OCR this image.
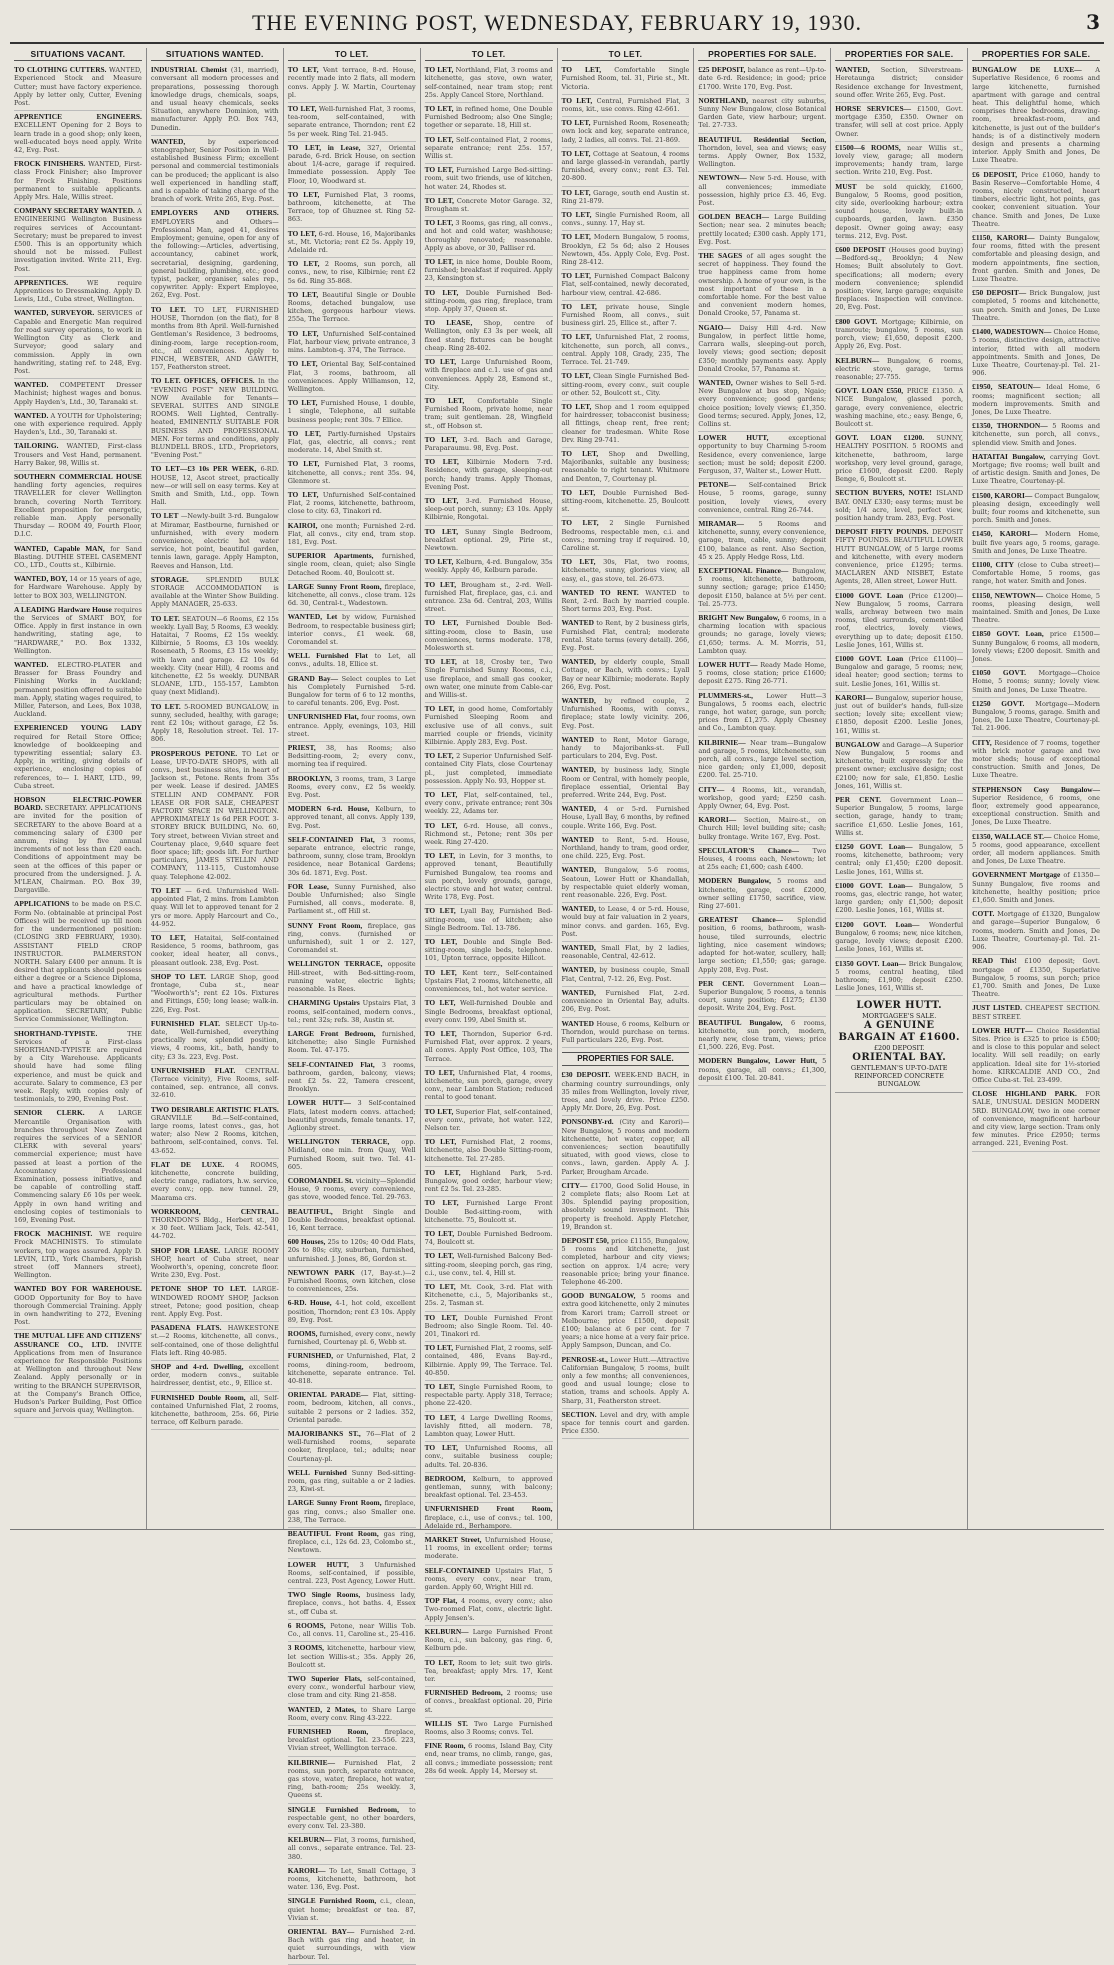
THE EVENING POST, WEDNESDAY, FEBRUARY 19, 1930.	3
SITUATIONS VACANT.
TO CLOTHING CUTTERS. WANTED, Experienced Stock and Measure Cutter; must have factory experience. Apply by letter only, Cutter, Evening Post.
APPRENTICE ENGINEERS. EXCELLENT Opening for 2 Boys to learn trade in a good shop; only keen, well-educated boys need apply. Write 42, Evg. Post.
FROCK FINISHERS. WANTED, First-class Frock Finisher; also Improver for Frock Finishing. Positions permanent to suitable applicants. Apply Mrs. Hale, Willis street.
COMPANY SECRETARY WANTED. A ENGINEERING Wellington Business requires services of Accountant-Secretary; must be prepared to invest £500. This is an opportunity which should not be missed. Fullest investigation invited. Write 211, Evg. Post.
APPRENTICES. WE require Apprentices to Dressmaking. Apply D. Lewis, Ltd., Cuba street, Wellington.
WANTED, SURVEYOR. SERVICES of Capable and Energetic Man required for road survey operations, to work in Wellington City as Clerk and Surveyor; good salary and commission. Apply in own handwriting, stating ref. to 248, Evg. Post.
WANTED. COMPETENT Dresser Machinist; highest wages and bonus. Apply Hayden's, Ltd., 30, Taranaki st.
WANTED. A YOUTH for Upholstering; one with experience required. Apply Hayden's, Ltd., 30, Taranaki st.
TAILORING. WANTED, First-class Trousers and Vest Hand, permanent. Harry Baker, 98, Willis st.
SOUTHERN COMMERCIAL HOUSE handling forty agencies, requires TRAVELLER for clever Wellington branch, covering North Territory. Excellent proposition for energetic, reliable man. Apply personally Thursday — ROOM 49, Fourth Floor, D.I.C.
WANTED, Capable MAN, for Sand Blasting. DUTHIE STEEL CASEMENT CO., LTD., Coutts st., Kilbirnie.
WANTED, BOY, 14 or 15 years of age, for Hardware Warehouse. Apply by letter to BOX 303, WELLINGTON.
A LEADING Hardware House requires the Services of SMART BOY, for Office. Apply in first instance in own handwriting, stating age, to "HARDWARE," P.O. Box 1332, Wellington.
WANTED. ELECTRO-PLATER and Brasser for Brass Foundry and Finishing Works in Auckland; permanent position offered to suitable man. Apply, stating wages required, to Miller, Paterson, and Lees, Box 1038, Auckland.
EXPERIENCED YOUNG LADY required for Retail Store Office; knowledge of bookkeeping and typewriting essential; salary £3. Apply, in writing, giving details of experience, enclosing copies of references, to— I. HART, LTD., 99, Cuba street.
HOBSON ELECTRIC-POWER BOARD. SECRETARY. APPLICATIONS are invited for the position of SECRETARY to the above Board at a commencing salary of £300 per annum, rising by five annual increments of not less than £20 each. Conditions of appointment may be seen at the offices of this paper or procured from the undersigned. J. A. M'LEAN, Chairman. P.O. Box 39, Dargaville.
APPLICATIONS to be made on P.S.C. Form No. (obtainable at principal Post Offices) will be received up till noon for the undermentioned position: (CLOSING 3RD FEBRUARY, 1930). ASSISTANT FIELD CROP INSTRUCTOR. PALMERSTON NORTH. Salary £400 per annum. It is desired that applicants should possess either a degree or a Science Diploma, and have a practical knowledge of agricultural methods. Further particulars may be obtained on application. SECRETARY, Public Service Commissioner, Wellington.
SHORTHAND-TYPISTE. THE Services of a First-class SHORTHAND-TYPISTE are required by a City Warehouse. Applicants should have had some filing experience, and must be quick and accurate. Salary to commence, £3 per week. Reply, with copies only of testimonials, to 290, Evening Post.
SENIOR CLERK. A LARGE Mercantile Organisation with branches throughout New Zealand requires the services of a SENIOR CLERK with several years' commercial experience; must have passed at least a portion of the Accountancy Professional Examination, possess initiative, and be capable of controlling staff. Commencing salary £6 10s per week. Apply in own hand writing and enclosing copies of testimonials to 169, Evening Post.
FROCK MACHINIST. WE require Frock MACHINISTS. To stimulate workers, top wages assured. Apply D. LEVIN, LTD., York Chambers, Farish street (off Manners street), Wellington.
WANTED BOY FOR WAREHOUSE. GOOD Opportunity for Boy to have thorough Commercial Training. Apply in own handwriting to 272, Evening Post.
THE MUTUAL LIFE AND CITIZENS' ASSURANCE CO., LTD. INVITE Applications from men of Insurance experience for Responsible Positions at Wellington and throughout New Zealand. Apply personally or in writing to the BRANCH SUPERVISOR, at the Company's Branch Office, Hudson's Parker Building, Post Office square and Jervois quay, Wellington.
SITUATIONS WANTED.
INDUSTRIAL Chemist (31, married), conversant all modern processes and preparations, possessing thorough knowledge drugs, chemicals, soaps, and usual heavy chemicals, seeks Situation, anywhere Dominion, with manufacturer. Apply P.O. Box 743, Dunedin.
WANTED, by experienced stenographer, Senior Position in Well-established Business Firm; excellent personal and commercial testimonials can be produced; the applicant is also well experienced in handling staff, and is capable of taking charge of the branch of work. Write 265, Evg. Post.
EMPLOYERS AND OTHERS. EMPLOYERS and Others—Professional Man, aged 41, desires Employment; genuine, open for any of the following:—Articles, advertising, accountancy, cabinet work, secretarial, designing, gardening, general building, plumbing, etc.; good typist, packer, organiser, sales rep., copywriter. Apply: Expert Employee, 262, Evg. Post.
TO LET. TO LET, FURNISHED HOUSE, Thorndon (on the flat), for 8 months from 8th April. Well-furnished Gentleman's Residence, 3 bedrooms, dining-room, large reception-room, etc., all conveniences. Apply to FINCH, WEBSTER, AND GAWITH, 157, Featherston street.
TO LET. OFFICES, OFFICES. In the "EVENING POST" NEW BUILDING. NOW Available for Tenants— SEVERAL SUITES AND SINGLE ROOMS. Well Lighted, Centrally-heated, EMINENTLY SUITABLE FOR BUSINESS AND PROFESSIONAL MEN. For terms and conditions, apply BLUNDELL BROS., LTD., Proprietors, "Evening Post."
TO LET—£3 10s PER WEEK, 6-RD. HOUSE, 12, Ascot street, practically new—or will sell on easy terms. Key at Smith and Smith, Ltd., opp. Town Hall.
TO LET —Newly-built 3-rd. Bungalow at Miramar, Eastbourne, furnished or unfurnished, with every modern convenience, electric hot water service, hot point, beautiful garden, tennis lawn, garage. Apply Hampton, Reeves and Hanson, Ltd.
STORAGE. SPLENDID BULK STORAGE ACCOMMODATION is available at the Winter Show Building. Apply MANAGER, 25-633.
TO LET. SEATOUN—6 Rooms, £2 15s weekly. Lyall Bay, 5 Rooms, £3 weekly. Hataitai, 7 Rooms, £2 15s weekly. Kilbirnie, 5 Rooms, £3 10s weekly. Roseneath, 5 Rooms, £3 15s weekly; with lawn and garage. £2 10s 6d weekly. City (near Hill), 4 rooms and kitchenette, £2 5s weekly. DUNBAR SLOANE, LTD., 155-157, Lambton quay (next Midland).
TO LET. 5-ROOMED BUNGALOW, in sunny, secluded, healthy, with garage; rent £2 10s; without garage, £2 5s. Apply 18, Resolution street. Tel. 17-806.
PROSPEROUS PETONE. TO Let or Lease, UP-TO-DATE SHOPS, with all convs., best business sites, in heart of Jackson st., Petone. Rents from 35s per week. Lease if desired. JAMES STELLIN AND COMPANY. FOR LEASE OR FOR SALE, CHEAPEST FACTORY SPACE IN WELLINGTON. APPROXIMATELY 1s 6d PER FOOT. 3-STOREY BRICK BUILDING, No. 60, Tory street, between Vivian street and Courtenay place, 9,640 square feet floor space; lift; goods lift. For further particulars, JAMES STELLIN AND COMPANY, 113-115, Customhouse quay. Telephone 42-002.
TO LET — 6-rd. Unfurnished Well-appointed Flat, 2 mins. from Lambton quay. Will let to approved tenant for 2 yrs or more. Apply Harcourt and Co., 44-952.
TO LET, Hataitai, Self-contained Residence, 5 rooms, bathroom, gas cooker, ideal heater, all convs., pleasant outlook. 238, Evg. Post.
SHOP TO LET. LARGE Shop, good frontage, Cuba st., near "Woolworth's"; rent £2 10s. Fixtures and Fittings, £50; long lease; walk-in. 226, Evg. Post.
FURNISHED FLAT. SELECT Up-to-date, Well-furnished, everything practically new, splendid position, views, 4 rooms, kit., bath, handy to city; £3 3s. 223, Evg. Post.
UNFURNISHED FLAT. CENTRAL (Terrace vicinity), Five Rooms, self-contained, sep. entrance, all convs. 32-610.
TWO DESIRABLE ARTISTIC FLATS. GRANVILLE Bd.—Self-contained, large rooms, latest convs., gas, hot water; also New 2 Rooms, kitchen, bathroom, self-contained, convs. Tel. 43-652.
FLAT DE LUXE. 4 ROOMS, kitchenette, concrete building, electric range, radiators, h.w. service, every conv.; opp. new tunnel. 29, Maarama crs.
WORKROOM, CENTRAL. THORNDON'S Bldg., Herbert st., 30 × 30 feet. William Jack, Tels. 42-541, 44-702.
SHOP FOR LEASE. LARGE ROOMY SHOP, heart of Cuba street, near Woolworth's, opening, concrete floor. Write 230, Evg. Post.
PETONE SHOP TO LET. LARGE-WINDOWED ROOMY SHOP, Jackson street, Petone; good position, cheap rent. Apply Evg. Post.
PASADENA FLATS. HAWKESTONE st.—2 Rooms, kitchenette, all convs., self-contained, one of those delightful Flats left. Ring 40-985.
SHOP and 4-rd. Dwelling, excellent order, modern convs., suitable hairdresser, dentist, etc., 9, Ellice st.
FURNISHED Double Room, all, Self-contained Unfurnished Flat, 2 rooms, kitchenette, bathroom, 25s. 66, Pirie terrace, off Kelburn parade.
TO LET.
TO LET, Vent terrace, 8-rd. House, recently made into 2 flats, all modern convs. Apply J. W. Martin, Courtenay pl.
TO LET, Well-furnished Flat, 3 rooms, tea-room, self-contained, with separate entrance, Thorndon; rent £2 5s per week. Ring Tel. 21-945.
TO LET, in Lease, 327, Oriental parade, 6-rd. Brick House, on section about 1/4-acre, garage if required. Immediate possession. Apply Tee Floor, 10, Woodward st.
TO LET, Furnished Flat, 3 rooms, bathroom, kitchenette, at The Terrace, top of Ghuznee st. Ring 52-863.
TO LET, 6-rd. House, 16, Majoribanks st., Mt. Victoria; rent £2 5s. Apply 19, Adelaide rd.
TO LET, 2 Rooms, sun porch, all convs., new, to rise, Kilbirnie; rent £2 5s 6d. Ring 35-868.
TO LET, Beautiful Single or Double Rooms, detached bungalow, use kitchen, gorgeous harbour views. 255a, The Terrace.
TO LET, Unfurnished Self-contained Flat, harbour view, private entrance, 3 mins. Lambton-q. 374, The Terrace.
TO LET, Oriental Bay, Self-contained Flat, 3 rooms, bathroom, all conveniences. Apply Williamson, 12, Wellington.
TO LET, Furnished House, 1 double, 1 single, Telephone, all suitable business people; rent 30s. 7 Ellice.
TO LET, Partly-furnished Upstairs Flat, gas, electric, all convs.; rent moderate. 14, Abel Smith st.
TO LET, Furnished Flat, 3 rooms, kitchenette, all convs.; rent 35s. 94, Glenmore st.
TO LET, Unfurnished Self-contained Flat, 2 rooms, kitchenette, bathroom, close to city. 63, Tinakori rd.
KAIROI, one month; Furnished 2-rd. Flat, all convs., city end, tram stop. 181, Evg. Post.
SUPERIOR Apartments, furnished, single room, clean, quiet; also Single Detached Room. 40, Boulcott st.
LARGE Sunny Front Room, fireplace, kitchenette, all convs., close tram. 12s 6d. 30, Central-t., Wadestown.
WANTED, Let by widow, Furnished Bedroom, to respectable business girl; interior convs., £1 week. 68, Coromandel st.
WELL Furnished Flat to Let, all convs., adults. 18, Ellice st.
GRAND Bay— Select couples to Let his Completely Furnished 5-rd. Bungalow for term of 6 to 12 months, to careful tenants. 206, Evg. Post.
UNFURNISHED Flat, four rooms, own entrance. Apply, evenings, 103, Hill street.
PRIEST, 38, has Rooms; also Bedsitting-room, 2; every conv., morning tea if required.
BROOKLYN, 3 rooms, tram, 3 Large Rooms, every conv., £2 5s weekly. Evg. Post.
MODERN 6-rd. House, Kelburn, to approved tenant, all convs. Apply 139, Evg. Post.
SELF-CONTAINED Flat, 3 rooms, separate entrance, electric range, bathroom, sunny, close tram, Brooklyn residence, near Botanical Gardens; 30s 6d. 1871, Evg. Post.
FOR Lease, Sunny Furnished, also Double Unfurnished; also Single Furnished, all convs., moderate. 8, Parliament st., off Hill st.
SUNNY Front Room, fireplace, gas ring, convs. (furnished or unfurnished), suit 1 or 2. 127, Coromandel st.
WELLINGTON TERRACE, opposite Hill-street, with Bed-sitting-room, running water, electric lights; reasonable. 1s Rees.
CHARMING Upstairs Upstairs Flat, 3 rooms, self-contained, modern convs., tel.; rent 32s; refs. 38, Austin st.
LARGE Front Bedroom, furnished, kitchenette; also Single Furnished Room. Tel. 47-175.
SELF-CONTAINED Flat, 3 rooms, bathroom, garden, balcony, views; rent £2 5s. 22, Tamera crescent, Brooklyn.
LOWER HUTT— 3 Self-contained Flats, latest modern convs. attached; beautiful grounds, female tenants. 17, Aglionby street.
WELLINGTON TERRACE, opp. Midland, one min. from Quay, Well Furnished Room, suit two. Tel. 41-605.
COROMANDEL St. vicinity—Splendid House, 9 rooms, every convenience, gas stove, wooded fence. Tel. 29-763.
BEAUTIFUL, Bright Single and Double Bedrooms, breakfast optional. 16, Kent terrace.
600 Houses, 25s to 120s; 40 Odd Flats, 20s to 80s; city, suburban, furnished, unfurnished. J. Jones, 86, Gordon st.
NEWTOWN PARK (17, Bay-st.)—2 Furnished Rooms, own kitchen, close to conveniences, 25s.
6-RD. House, 4-1, hot cold, excellent position, Thorndon; rent £3 10s. Apply 89, Evg. Post.
ROOMS, furnished, every conv., newly furnished, Courtenay pl. 6, Webb st.
FURNISHED, or Unfurnished, Flat, 2 rooms, dining-room, bedroom, kitchenette, separate entrance. Tel. 40-818.
ORIENTAL PARADE— Flat, sitting-room, bedroom, kitchen, all convs., suitable 2 persons or 2 ladies. 352, Oriental parade.
MAJORIBANKS ST., 76—Flat of 2 well-furnished rooms, separate cooker, fireplace, tel.; adults; near Courtenay-pl.
WELL Furnished Sunny Bed-sitting-room, gas ring, suitable a or 2 ladies. 23, Kiwi-st.
LARGE Sunny Front Room, fireplace, gas ring, convs.; also Smaller one. 238, The Terrace.
BEAUTIFUL Front Room, gas ring, fireplace, c.i., 12s 6d. 23, Colombo st., Newtown.
LOWER HUTT, 3 Unfurnished Rooms, self-contained, if possible, central. 223, Post Agency, Lower Hutt.
TWO Single Rooms, business lady, fireplace, convs., hot baths. 4, Essex st., off Cuba st.
6 ROOMS, Petone, near Willis Tob. Co., all convs. 11, Caroline st., 25-416.
3 ROOMS, kitchenette, harbour view, let section Willis-st.; 35s. Apply 26, Boulcott st.
TWO Superior Flats, self-contained, every conv., wonderful harbour view, close tram and city. Ring 21-858.
WANTED, 2 Mates, to Share Large Room, every conv. Ring 43-222.
FURNISHED Room, fireplace, breakfast optional. Tel. 23-556. 223, Vivian street, Wellington terrace.
KILBIRNIE— Furnished Flat, 2 rooms, sun porch, separate entrance, gas stove, water, fireplace, hot water, ring, bath-room; 25s weekly. 3, Queens st.
SINGLE Furnished Bedroom, to respectable gent, no other boarders, every conv. Tel. 23-380.
KELBURN— Flat, 3 rooms, furnished, all convs., separate entrance. Tel. 23-380.
KARORI— To Let, Small Cottage, 3 rooms, kitchenette, bathroom, hot water. 136, Evg. Post.
SINGLE Furnished Room, c.i., clean, quiet home; breakfast or tea. 87, Vivian st.
ORIENTAL BAY— Furnished 2-rd. Bach with gas ring and heater, in quiet surroundings, with view harbour. Tel.
TO LET.
TO LET, Northland, Flat, 3 rooms and kitchenette, gas stove, own water, self-contained, near tram stop; rent 25s. Apply Cancel Store, Northland.
TO LET, in refined home, One Double Furnished Bedroom; also One Single; together or separate. 18, Hill st.
TO LET, Self-contained Flat, 2 rooms, separate entrance; rent 25s. 157, Willis st.
TO LET, Furnished Large Bed-sitting-room, suit two friends, use of kitchen, hot water. 24, Rhodes st.
TO LET, Concrete Motor Garage. 32, Brougham st.
TO LET, 3 Rooms, gas ring, all convs., and hot and cold water, washhouse; thoroughly renovated; reasonable. Apply as above, or 30, Palliser rd.
TO LET, in nice home, Double Room, furnished; breakfast if required. Apply 23, Kensington st.
TO LET, Double Furnished Bed-sitting-room, gas ring, fireplace, tram stop. Apply 37, Queen st.
TO LEASE, Shop, centre of Wellington, only £3 3s per week, all fixed stand; fixtures can be bought cheap. Ring 28-402.
TO LET, Large Unfurnished Room, with fireplace and c.1. use of gas and conveniences. Apply 28, Esmond st., City.
TO LET, Comfortable Single Furnished Room, private home, near tram; suit gentleman. 28, Wingfield st., off Hobson st.
TO LET, 3-rd. Bach and Garage, Paraparaumu. 98, Evg. Post.
TO LET, Kilbirnie Modern 7-rd. Residence, with garage, sleeping-out porch; handy trams. Apply Thomas, Evening Post.
TO LET, 3-rd. Furnished House, sleep-out porch, sunny; £3 10s. Apply Kilbirnie, Rongotai.
TO LET, Sunny Single Bedroom, breakfast optional. 29, Pirie st., Newtown.
TO LET, Kelburn, 4-rd. Bungalow, 35s weekly. Apply 46, Kelburn parade.
TO LET, Brougham st., 2-rd. Well-furnished Flat, fireplace, gas, c.i. and entrance. 23a 6d. Central, 203, Willis street.
TO LET, Furnished Double Bed-sitting-room, close to Basin, use conveniences, terms moderate. 178, Molesworth st.
TO LET, at 18, Crosby ter., Two Single Furnished Sunny Rooms, c.i., use fireplace, and small gas cooker, own water, one minute from Cable-car and Willis-st.
TO LET, in good home, Comfortably Furnished Sleeping Room and exclusive use of all convs., suit married couple or friends, vicinity Kilbirnie. Apply 283, Evg. Post.
TO LET, 2 Superior Unfurnished Self-contained City Flats, close Courtenay pl., just completed, immediate possession. Apply No. 93, Hopper st.
TO LET, Flat, self-contained, tel., every conv., private entrance; rent 30s weekly. 22, Adams ter.
TO LET, 6-rd. House, all convs., Richmond st., Petone; rent 30s per week. Ring 27-420.
TO LET, in Levin, for 3 months, to approved tenant, Beautifully Furnished Bungalow, tea rooms and sun porch, lovely grounds, garage, electric stove and hot water, central. Write 178, Evg. Post.
TO LET, Lyall Bay, Furnished Bed-sitting-room, use of kitchen; also Single Bedroom. Tel. 13-786.
TO LET, Double and Single Bed-sitting-room, single beds, telephone. 101, Upton terrace, opposite Hillcot.
TO LET, Kent terr., Self-contained Upstairs Flat, 2 rooms, kitchenette, all conveniences, tel., hot water service.
TO LET, Well-furnished Double and Single Bedrooms, breakfast optional, every conv. 199, Abel Smith st.
TO LET, Thorndon, Superior 6-rd. Furnished Flat, over approx. 2 years, all convs. Apply Post Office, 103, The Terrace.
TO LET, Unfurnished Flat, 4 rooms, kitchenette, sun porch, garage, every conv., near Lambton Station; reduced rental to good tenant.
TO LET, Superior Flat, self-contained, every conv., private, hot water. 122, Nelson ter.
TO LET, Furnished Flat, 2 rooms, kitchenette, also Double Sitting-room, kitchenette. Tel. 27-285.
TO LET, Highland Park, 5-rd. Bungalow, good order, harbour view; rent £2 5s. Tel. 23-285.
TO LET, Furnished Large Front Double Bed-sitting-room, with kitchenette. 75, Boulcott st.
TO LET, Double Furnished Bedroom. 74, Boulcott st.
TO LET, Well-furnished Balcony Bed-sitting-room, sleeping porch, gas ring, c.i., use conv., tel. 4, Hill st.
TO LET, Mt. Cook, 3-rd. Flat with Kitchenette, c.i., 5, Majoribanks st., 25s. 2, Tasman st.
TO LET, Double Furnished Front Bedroom; also Single Room. Tel. 40-201, Tinakori rd.
TO LET, Furnished Flat, 2 rooms, self-contained, 486, Evans Bay-rd., Kilbirnie. Apply 99, The Terrace. Tel. 40-850.
TO LET, Single Furnished Room, to respectable party. Apply 318, Terrace; phone 22-420.
TO LET, 4 Large Dwelling Rooms, lavishly fitted, all modern. 78, Lambton quay, Lower Hutt.
TO LET, Unfurnished Rooms, all conv., suitable business couple; adults. Tel. 20-836.
BEDROOM, Kelburn, to approved gentleman, sunny, with balcony; breakfast optional. Tel. 23-453.
UNFURNISHED Front Room, fireplace, c.i., use of convs.; tel. 100, Adelaide rd., Berhampore.
MARKET Street, Unfurnished House, 11 rooms, in excellent order; terms moderate.
SELF-CONTAINED Upstairs Flat, 5 rooms, every conv., near tram, garden. Apply 60, Wright Hill rd.
TOP Flat, 4 rooms, every conv.; also Two-roomed Flat, conv., electric light. Apply Jensen's.
KELBURN— Large Furnished Front Room, c.i., sun balcony, gas ring. 6, Kelburn pde.
TO LET, Room to let; suit two girls. Tea, breakfast; apply Mrs. 17, Kent ter.
FURNISHED Bedroom, 2 rooms; use of convs., breakfast optional. 20, Pirie st.
WILLIS ST. Two Large Furnished Rooms, also 3 Rooms; convs. Tel.
FINE Room, 6 rooms, Island Bay, City end, near trams, no climb, range, gas, all convs.; immediate possession; rent 28s 6d week. Apply 14, Mersey st.
TO LET.
TO LET, Comfortable Single Furnished Room, tel. 31, Pirie st., Mt. Victoria.
TO LET, Central, Furnished Flat, 3 rooms, kit., use convs. Ring 42-661.
TO LET, Furnished Room, Roseneath; own lock and key, separate entrance, lady, 2 ladies, all convs. Tel. 21-869.
TO LET, Cottage at Seatoun, 4 rooms and large glassed-in verandah, partly furnished, every conv.; rent £3. Tel. 20-800.
TO LET, Garage, south end Austin st. Ring 21-879.
TO LET, Single Furnished Room, all convs., sunny. 17, Hay st.
TO LET, Modern Bungalow, 5 rooms, Brooklyn, £2 5s 6d; also 2 Houses Newtown, 45s. Apply Cole, Evg. Post. Ring 28-412.
TO LET, Furnished Compact Balcony Flat, self-contained, newly decorated, harbour view, central. 42-686.
TO LET, private house, Single Furnished Room, all convs., suit business girl. 25, Ellice st., after 7.
TO LET, Unfurnished Flat, 2 rooms, kitchenette, sun porch, all convs., central. Apply 108, Grady, 235, The Terrace. Tel. 21-749.
TO LET, Clean Single Furnished Bed-sitting-room, every conv., suit couple or other. 52, Boulcott st., City.
TO LET, Shop and 1 room equipped for hairdresser, tobacconist business; all fittings, cheap rent, free rent; cleaner for tradesman. White Rose Drv. Ring 29-741.
TO LET, Shop and Dwelling, Majoribanks, suitable any business; reasonable to right tenant. Whitmore and Denton, 7, Courtenay pl.
TO LET, Double Furnished Bed-sitting-room, kitchenette. 25, Boulcott st.
TO LET, 2 Single Furnished Bedrooms, respectable men, c.i. and convs.; morning tray if required. 10, Caroline st.
TO LET, 30s, Flat, two rooms, kitchenette, sunny, glorious view, all easy, el., gas stove, tel. 26-673.
WANTED TO RENT. WANTED to Rent, 2-rd. Bach by married couple. Short terms 203, Evg. Post.
WANTED to Rent, by 2 business girls, Furnished Flat, central; moderate rental. State terms (every detail). 266, Evg. Post.
WANTED, by elderly couple, Small Cottage, or Bach, with convs.; Lyall Bay or near Kilbirnie; moderate. Reply 266, Evg. Post.
WANTED, by refined couple, 2 Unfurnished Rooms, with convs., fireplace; state lowly vicinity. 206, Evg. Post.
WANTED to Rent, Motor Garage, handy to Majoribanks-st. Full particulars to 204, Evg. Post.
WANTED, by business lady, Single Room or Central, with homely people, fireplace essential, Oriental Bay preferred. Write 244, Evg. Post.
WANTED, 4 or 5-rd. Furnished House, Lyall Bay, 6 months, by refined couple. Write 166, Evg. Post.
WANTED to Rent, 5-rd. House, Northland, handy to tram, good order, one child. 225, Evg. Post.
WANTED, Bungalow, 5-6 rooms, Seatoun, Lower Hutt or Khandallah, by respectable quiet elderly woman, rent reasonable. 226, Evg. Post.
WANTED, to Lease, 4 or 5-rd. House, would buy at fair valuation in 2 years, minor convs. and garden. 165, Evg. Post.
WANTED, Small Flat, by 2 ladies, reasonable, Central, 42-612.
WANTED, by business couple, Small Flat, Central, 7-12. 26, Evg. Post.
WANTED, Furnished Flat, 2-rd. convenience in Oriental Bay, adults. 206, Evg. Post.
WANTED House, 6 rooms, Kelburn or Thorndon, would purchase on terms. Full particulars 226, Evg. Post.
PROPERTIES FOR SALE.
£30 DEPOSIT. WEEK-END BACH, in charming country surroundings, only 35 miles from Wellington, lovely river, trees, and lovely drive. Price £250. Apply Mr. Dore, 26, Evg. Post.
PONSONBY-rd. (City and Karori)—New Bungalow, 5 rooms and modern kitchenette, hot water, copper, all conveniences; section beautifully situated, with good views, close to convs., lawn, garden. Apply A. J. Parker, Brougham Arcade.
CITY— £1700, Good Solid House, in 2 complete flats; also Room Let at 30s. Splendid paying proposition, absolutely sound investment. This property is freehold. Apply Fletcher, 19, Brandon st.
DEPOSIT £50, price £1155, Bungalow, 5 rooms and kitchenette, just completed, harbour and city views; section on approx. 1/4 acre; very reasonable price; bring your finance. Telephone 46-200.
GOOD BUNGALOW, 5 rooms and extra good kitchenette, only 2 minutes from Karori tram; Carroll street or Melbourne; price £1500, deposit £100; balance at 6 per cent. for 7 years; a nice home at a very fair price. Apply Sampson, Duncan, and Co.
PENROSE-st., Lower Hutt.—Attractive Californian Bungalow, 5 rooms, built only a few months; all conveniences, good and usual lounge; close to station, trams and schools. Apply A. Sharp, 31, Featherston street.
SECTION. Level and dry, with ample space for tennis court and garden. Price £350.
PROPERTIES FOR SALE.
£25 DEPOSIT, balance as rent—Up-to-date 6-rd. Residence; in good; price £1700. Write 170, Evg. Post.
NORTHLAND, nearest city suburbs, Sunny New Bungalow, close Botanical Garden Gate, view harbour; urgent. Tel. 27-733.
BEAUTIFUL Residential Section, Thorndon, level, sea and views; easy terms. Apply Owner, Box 1532, Wellington.
NEWTOWN— New 5-rd. House, with all conveniences; immediate possession, highly price £3. 46, Evg. Post.
GOLDEN BEACH— Large Building Section; near sea. 2 minutes beach; prettily located; £300 cash. Apply 171, Evg. Post.
THE SAGES of all ages sought the secret of happiness. They found the true happiness came from home ownership. A home of your own, is the most important of these in a comfortable home. For the best value and convenient modern homes, Donald Crooke, 57, Panama st.
NGAIO— Daisy Hill 4-rd. New Bungalow, in perfect little home, Carrara walls, sleeping-out porch, lovely views; good section; deposit £350; monthly payments easy. Apply Donald Crooke, 57, Panama st.
WANTED, Owner wishes to Sell 5-rd. New Bungalow at bus stop, Ngaio; every convenience; good gardens; choice position; lovely views; £1,350. Good terms; secured. Apply, Jones, 12, Collins st.
LOWER HUTT, exceptional opportunity to buy Charming 5-room Residence, every convenience, large section; must be sold; deposit £200. Ferguson, 37, Walter st., Lower Hutt.
PETONE— Self-contained Brick House, 5 rooms, garage, sunny position, lovely views, every convenience, central. Ring 26-744.
MIRAMAR— 5 Rooms and kitchenette, sunny, every convenience, garage, tram, cable, sunny; deposit £100, balance as rent. Also Section, 45 x 25. Apply Hedge Ross, Ltd.
EXCEPTIONAL Finance— Bungalow, 5 rooms, kitchenette, bathroom, sunny section; garage; price £1450; deposit £150, balance at 5½ per cent. Tel. 25-773.
BRIGHT New Bungalow, 6 rooms, in a charming location with spacious grounds; no garage, lovely views; £1,650; terms. A. M. Morris, 51, Lambton quay.
LOWER HUTT— Ready Made Home, 5 rooms, close station; price £1600; deposit £275. Ring 26-771.
PLUMMERS-st., Lower Hutt—3 Bungalows, 5 rooms each, electric range, hot water, garage, sun porch; prices from £1,275. Apply Chesney and Co., Lambton quay.
KILBIRNIE— Near tram—Bungalow and garage, 5 rooms, kitchenette, sun porch, all convs., large level section, nice garden; only £1,000, deposit £200. Tel. 25-710.
CITY— 4 Rooms, kit., verandah, workshop, good yard; £250 cash. Apply Owner, 64, Evg. Post.
KARORI— Section, Maire-st., on Church Hill; level building site; cash; bulky frontage. Write 167, Evg. Post.
SPECULATOR'S Chance— Two Houses, 4 rooms each, Newtown; let at 25s each; £1,600; cash £400.
MODERN Bungalow, 5 rooms and kitchenette, garage, cost £2000, owner selling £1750, sacrifice, view. Ring 27-601.
GREATEST Chance— Splendid position, 6 rooms, bathroom, wash-house, tiled surrounds, electric lighting, nice casement windows; adapted for hot-water, scullery, hall; large section; £1,550; gas; garage. Apply 208, Evg. Post.
PER CENT. Government Loan—Superior Bungalow, 5 rooms, a tennis court, sunny position; £1275; £130 deposit. Write 204, Evg. Post.
BEAUTIFUL Bungalow, 6 rooms, kitchenette, sun porch, modern, nearly new, close tram, views; price £1,500. 226, Evg. Post.
MODERN Bungalow, Lower Hutt, 5 rooms, garage, all convs.; £1,300, deposit £100. Tel. 20-841.
PROPERTIES FOR SALE.
WANTED, Section, Silverstream-Heretaunga district; consider Residence exchange for Investment, sound offer. Write 265, Evg. Post.
HORSE SERVICES— £1500, Govt. mortgage £350, £350. Owner on transfer, will sell at cost price. Apply Owner.
£1500—6 ROOMS, near Willis st., lovely view, garage; all modern improvements; handy tram, large section. Write 210, Evg. Post.
MUST be sold quickly, £1600, Bungalow, 5 Rooms, good position, city side, overlooking harbour; extra sound house, lovely built-in cupboards, garden, lawn. £350 deposit. Owner going away; easy terms. 212, Evg. Post.
£600 DEPOSIT (Houses good buying)—Bedford-sq., Brooklyn; 4 New Homes; Built absolutely to Govt. specifications; all modern; every modern convenience; splendid position; view, large garage; exquisite fireplaces. Inspection will convince. 20, Evg. Post.
£800 GOVT. Mortgage; Kilbirnie, on tramroute; bungalow, 5 rooms, sun porch, view; £1,650, deposit £200. Apply 26, Evg. Post.
KELBURN— Bungalow, 6 rooms, electric stove, garage, terms reasonable; 27-755.
GOVT. LOAN £550, PRICE £1350. A NICE Bungalow, glassed porch, garage, every convenience, electric washing machine, etc.; easy. Benge, 6, Boulcott st.
GOVT. LOAN £1200. SUNNY, HEALTHY POSITION. 5 ROOMS and kitchenette, bathroom, large workshop, very level ground, garage, price £1600, deposit £200. Reply Benge, 6, Boulcott st.
SECTION BUYERS, NOTE! ISLAND BAY. ONLY £330; easy terms; must be sold; 1/4 acre, level, perfect view, position handy tram. 283, Evg. Post.
DEPOSIT FIFTY POUNDS. DEPOSIT FIFTY POUNDS. BEAUTIFUL LOWER HUTT BUNGALOW, of 5 large rooms and kitchenette, with every modern convenience, price £1295; terms. MACLAREN AND NISBET, Estate Agents, 28, Allen street, Lower Hutt.
£1000 GOVT. Loan (Price £1200)—New Bungalow, 5 rooms, Carrara walls, archway between two main rooms, tiled surrounds, cement-tiled roof, electrics, lovely views, everything up to date; deposit £150. Leslie Jones, 161, Willis st.
£1000 GOVT. Loan (Price £1100)—Bungalow and garage, 5 rooms; new, ideal heater; good section; terms to suit. Leslie Jones, 161, Willis st.
KARORI— Bungalow, superior house, just out of builder's hands, full-size section; lovely site; excellent view; £1850, deposit £200. Leslie Jones, 161, Willis st.
BUNGALOW and Garage—A Superior New Bungalow, 5 rooms and kitchenette, built expressly for the present owner; exclusive design; cost £2100; now for sale, £1,850. Leslie Jones, 161, Willis st.
PER CENT. Government Loan—Superior Bungalow, 5 rooms, large section, garage, handy to tram; sacrifice £1,650. Leslie Jones, 161, Willis st.
£1250 GOVT. Loan— Bungalow, 5 rooms, kitchenette, bathroom; very central; only £1,450; £200 deposit. Leslie Jones, 161, Willis st.
£1000 GOVT. Loan— Bungalow, 5 rooms, gas, electric range, hot water, large garden; only £1,500; deposit £200. Leslie Jones, 161, Willis st.
£1200 GOVT. Loan— Wonderful Bungalow, 6 rooms; new, nice kitchen, garage, lovely views; deposit £200. Leslie Jones, 161, Willis st.
£1350 GOVT. Loan— Brick Bungalow, 5 rooms, central heating, tiled bathroom; £1,900; deposit £250. Leslie Jones, 161, Willis st.
LOWER HUTT.
MORTGAGEE'S SALE.
A GENUINE BARGAIN AT £1600.
£200 DEPOSIT.
ORIENTAL BAY.
GENTLEMAN'S UP-TO-DATE REINFORCED CONCRETE BUNGALOW.
PROPERTIES FOR SALE.
BUNGALOW DE LUXE— A Superlative Residence, 6 rooms and large kitchenette, furnished apartment with garage and central heat. This delightful home, which comprises three bedrooms, drawing-room, breakfast-room, and kitchenette, is just out of the builder's hands; is of a distinctively modern design and presents a charming interior. Apply Smith and Jones, De Luxe Theatre.
£6 DEPOSIT, Price £1060, handy to Basin Reserve—Comfortable Home, 4 rooms, nicely constructed, heart timbers, electric light, hot points, gas cooker, convenient situation. Your chance. Smith and Jones, De Luxe Theatre.
£1150, KARORI— Dainty Bungalow, four rooms, fitted with the present comfortable and pleasing design, and modern appointments, fine section, front garden. Smith and Jones, De Luxe Theatre.
£50 DEPOSIT— Brick Bungalow, just completed, 5 rooms and kitchenette, sun porch. Smith and Jones, De Luxe Theatre.
£1400, WADESTOWN— Choice Home, 5 rooms, distinctive design, attractive interior, fitted with all modern appointments. Smith and Jones, De Luxe Theatre, Courtenay-pl. Tel. 21-906.
£1950, SEATOUN— Ideal Home, 6 rooms; magnificent section; all modern improvements. Smith and Jones, De Luxe Theatre.
£1350, THORNDON— 5 Rooms and kitchenette, sun porch, all convs., splendid view. Smith and Jones.
HATAITAI Bungalow, carrying Govt. Mortgage; five rooms; well built and of artistic design. Smith and Jones, De Luxe Theatre, Courtenay-pl.
£1500, KARORI— Compact Bungalow, pleasing design, exceedingly well built; four rooms and kitchenette, sun porch. Smith and Jones.
£1450, KARORI— Modern Home, built five years ago, 5 rooms, garage. Smith and Jones, De Luxe Theatre.
£1100, CITY (close to Cuba street)—Comfortable Home, 5 rooms, gas range, hot water. Smith and Jones.
£1150, NEWTOWN— Choice Home, 5 rooms, pleasing design, well maintained. Smith and Jones, De Luxe Theatre.
£1850 GOVT. Loan, price £1500—Sunny Bungalow, 6 rooms, all modern, lovely views; £200 deposit. Smith and Jones.
£1050 GOVT. Mortgage—Choice Home, 5 rooms; sunny; lovely view. Smith and Jones, De Luxe Theatre.
£1250 GOVT. Mortgage—Modern Bungalow, 5 rooms, garage. Smith and Jones, De Luxe Theatre, Courtenay-pl. Tel. 21-906.
CITY, Residence of 7 rooms, together with brick motor garage and two motor sheds; house of exceptional construction. Smith and Jones, De Luxe Theatre.
STEPHENSON Cosy Bungalow— Superior Residence, 6 rooms, one floor, extremely good appearance, exceptional construction. Smith and Jones, De Luxe Theatre.
£1350, WALLACE ST.— Choice Home, 5 rooms, good appearance, excellent order, all modern appliances. Smith and Jones, De Luxe Theatre.
GOVERNMENT Mortgage of £1350—Sunny Bungalow, five rooms and kitchenette, healthy position; price £1,650. Smith and Jones.
COTT. Mortgage of £1320, Bungalow and garage—Superior Bungalow, 6 rooms, modern. Smith and Jones, De Luxe Theatre, Courtenay-pl. Tel. 21-906.
READ This! £100 deposit; Govt. mortgage of £1350, Superlative Bungalow, 5 rooms, sun porch; price £1,700. Smith and Jones, De Luxe Theatre.
JUST LISTED. CHEAPEST SECTION. BEST STREET.
LOWER HUTT— Choice Residential Sites. Price is £325 to price is £500; and is close to this popular and select locality. Will sell readily; on early application. Ideal site for 1½-storied home. KIRKCALDIE AND CO., 2nd Office Cuba-st. Tel. 23-499.
CLOSE HIGHLAND PARK. FOR SALE, UNUSUAL DESIGN MODERN 5RD. BUNGALOW, two in one corner of convenience, magnificent harbour and city view, large section. Tram only few minutes. Price £2950; terms arranged. 221, Evening Post.
